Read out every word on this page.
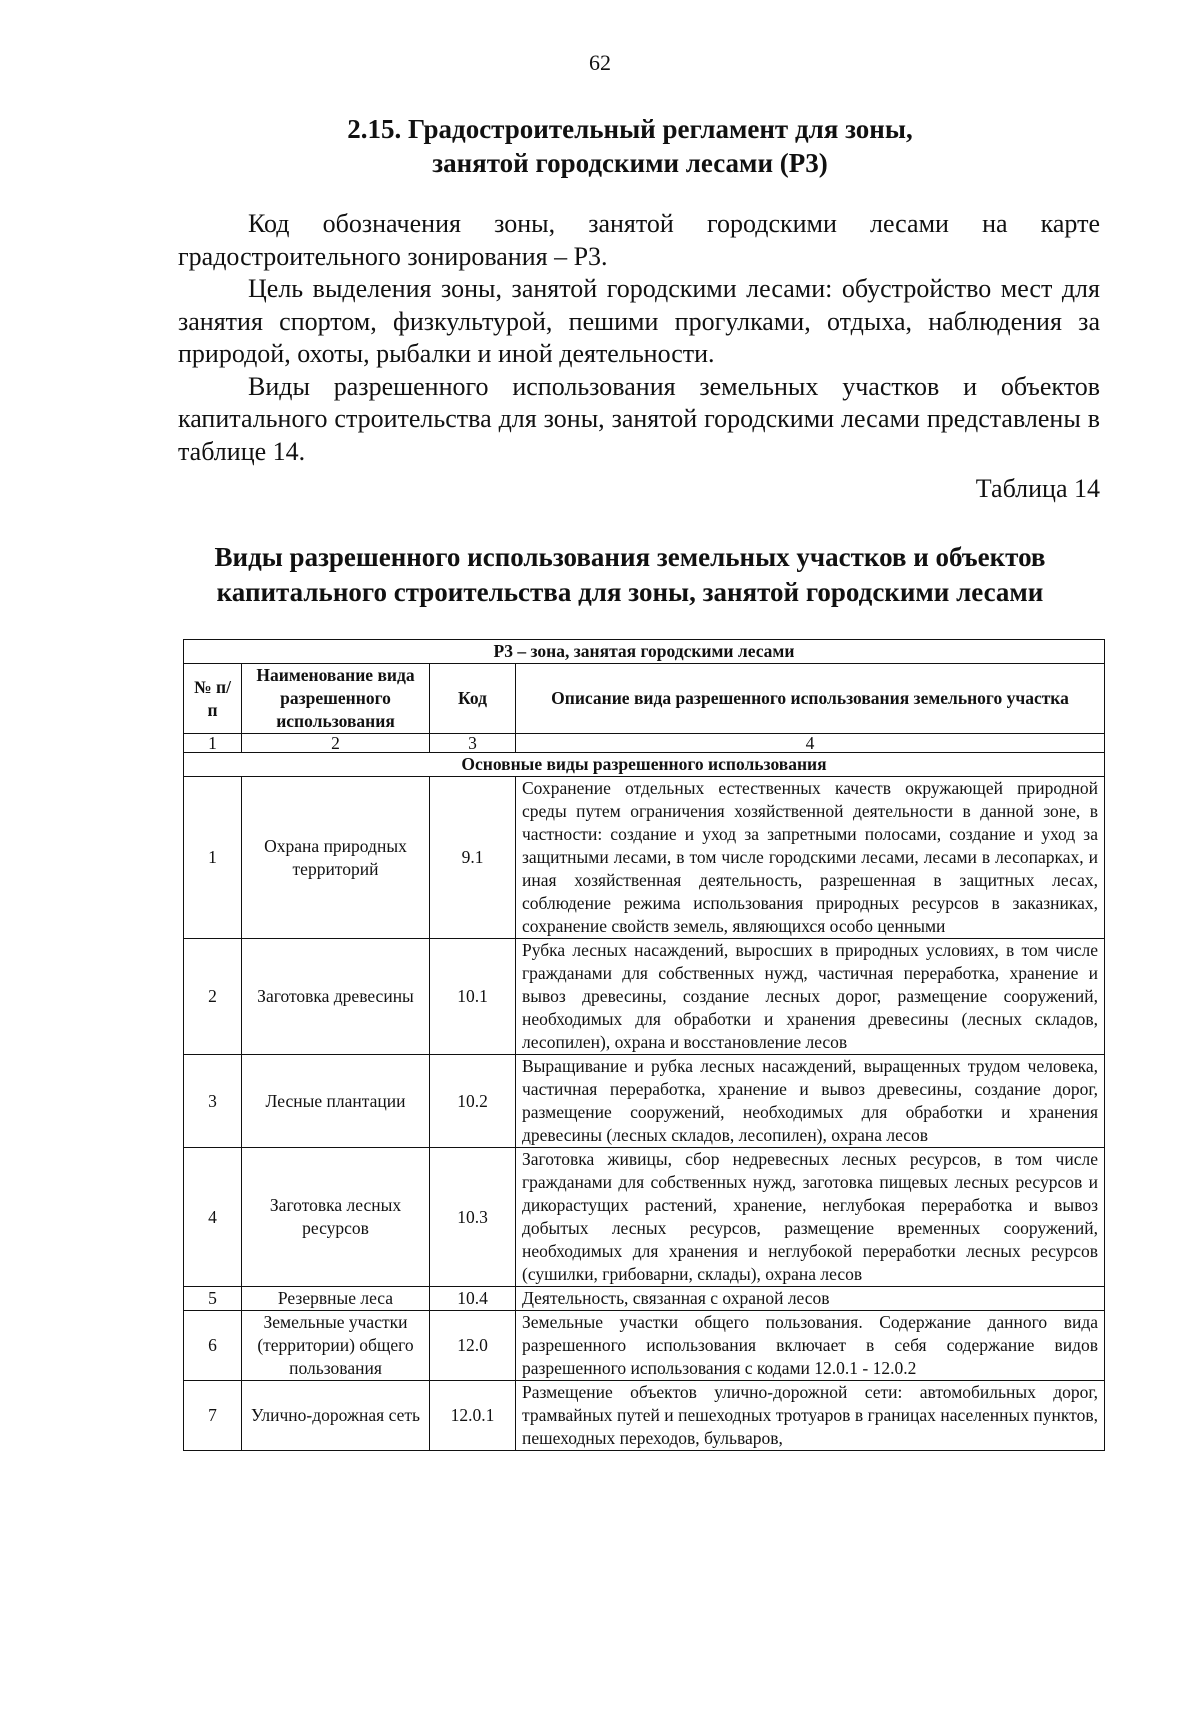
62
2.15. Градостроительный регламент для зоны,
занятой городскими лесами (Р3)

Код обозначения зоны, занятой городскими лесами на карте градостроительного зонирования – Р3.

Цель выделения зоны, занятой городскими лесами: обустройство мест для занятия спортом, физкультурой, пешими прогулками, отдыха, наблюдения за природой, охоты, рыбалки и иной деятельности.

Виды разрешенного использования земельных участков и объектов капитального строительства для зоны, занятой городскими лесами представлены в таблице 14.

Таблица 14
Виды разрешенного использования земельных участков и объектов
капитального строительства для зоны, занятой городскими лесами
Р3 – зона, занятая городскими лесами			
№ п/п	Наименование вида разрешенного использования	Код	Описание вида разрешенного использования земельного участка
1	2	3	4
Основные виды разрешенного использования			
1	Охрана природных территорий	9.1	Сохранение отдельных естественных качеств окружающей природной среды путем ограничения хозяйственной деятельности в данной зоне, в частности: создание и уход за запретными полосами, создание и уход за защитными лесами, в том числе городскими лесами, лесами в лесопарках, и иная хозяйственная деятельность, разрешенная в защитных лесах, соблюдение режима использования природных ресурсов в заказниках, сохранение свойств земель, являющихся особо ценными
2	Заготовка древесины	10.1	Рубка лесных насаждений, выросших в природных условиях, в том числе гражданами для собственных нужд, частичная переработка, хранение и вывоз древесины, создание лесных дорог, размещение сооружений, необходимых для обработки и хранения древесины (лесных складов, лесопилен), охрана и восстановление лесов
3	Лесные плантации	10.2	Выращивание и рубка лесных насаждений, выращенных трудом человека, частичная переработка, хранение и вывоз древесины, создание дорог, размещение сооружений, необходимых для обработки и хранения древесины (лесных складов, лесопилен), охрана лесов
4	Заготовка лесных ресурсов	10.3	Заготовка живицы, сбор недревесных лесных ресурсов, в том числе гражданами для собственных нужд, заготовка пищевых лесных ресурсов и дикорастущих растений, хранение, неглубокая переработка и вывоз добытых лесных ресурсов, размещение временных сооружений, необходимых для хранения и неглубокой переработки лесных ресурсов (сушилки, грибоварни, склады), охрана лесов
5	Резервные леса	10.4	Деятельность, связанная с охраной лесов
6	Земельные участки (территории) общего пользования	12.0	Земельные участки общего пользования. Содержание данного вида разрешенного использования включает в себя содержание видов разрешенного использования с кодами 12.0.1 - 12.0.2
7	Улично-дорожная сеть	12.0.1	Размещение объектов улично-дорожной сети: автомобильных дорог, трамвайных путей и пешеходных тротуаров в границах населенных пунктов, пешеходных переходов, бульваров,
